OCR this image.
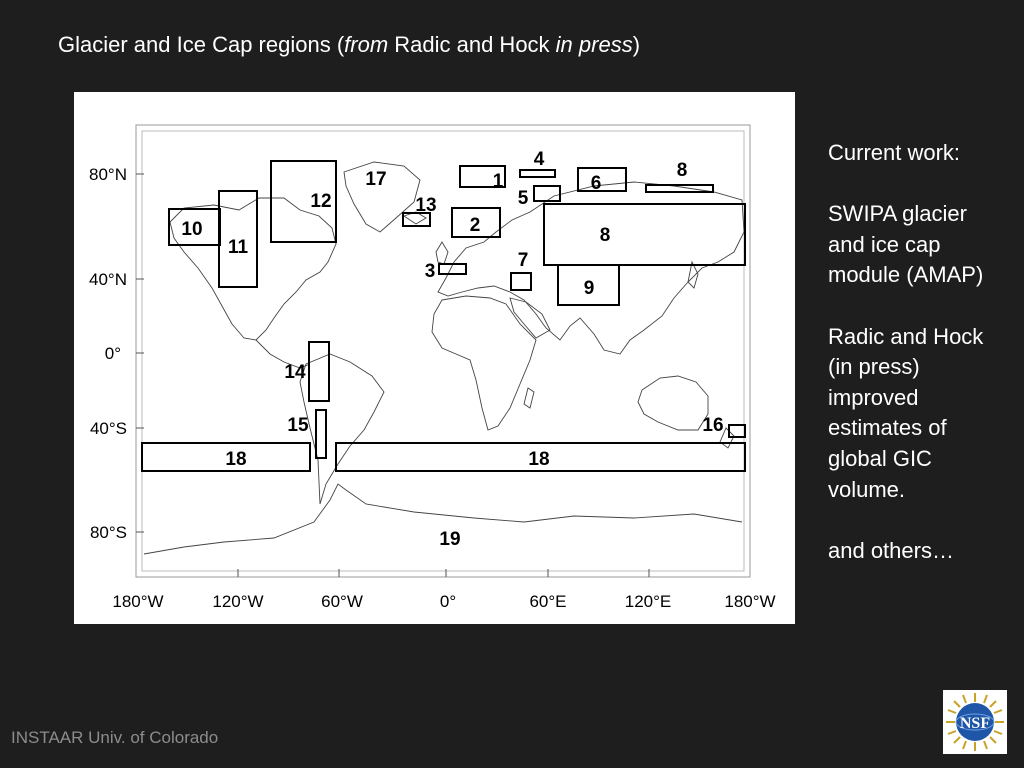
Glacier and Ice Cap regions (from Radic and Hock in press)
1
2
3
4
5
6
7
8
8
9
10
11
12	13
14
15	16
17
18	18
19
80°N
40°N
0°
40°S
80°S
180°W	120°W	60°W	0°	60°E	120°E	180°W

Current work:

SWIPA glacier and ice cap module (AMAP)

Radic and Hock (in press) improved estimates of global GIC volume.

and others…

INSTAAR Univ. of Colorado
NSF
